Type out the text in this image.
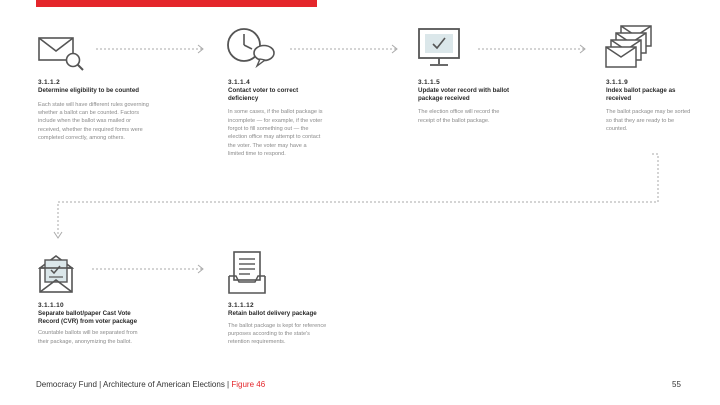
3.1.1.2
Determine eligibility to be counted
Each state will have different rules governing whether a ballot can be counted. Factors include when the ballot was mailed or received, whether the required forms were completed correctly, among others.
3.1.1.4
Contact voter to correct deficiency
In some cases, if the ballot package is incomplete — for example, if the voter forgot to fill something out — the election office may attempt to contact the voter. The voter may have a limited time to respond.
3.1.1.5
Update voter record with ballot package received
The election office will record the receipt of the ballot package.
3.1.1.9
Index ballot package as received
The ballot package may be sorted so that they are ready to be counted.
3.1.1.10
Separate ballot/paper Cast Vote Record (CVR) from voter package
Countable ballots will be separated from their package, anonymizing the ballot.
3.1.1.12
Retain ballot delivery package
The ballot package is kept for reference purposes according to the state's retention requirements.
Democracy Fund | Architecture of American Elections | Figure 46	55
